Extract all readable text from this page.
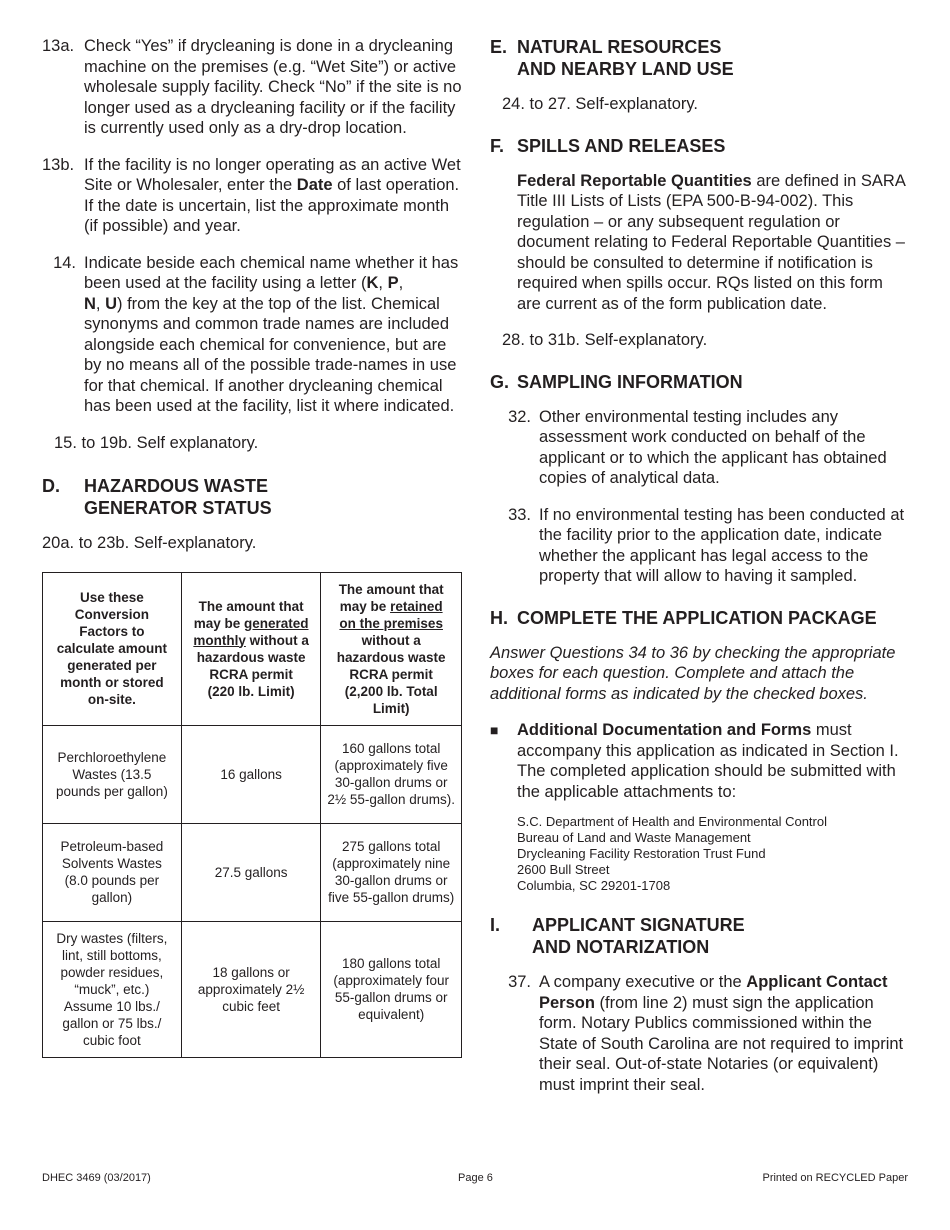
13a. Check “Yes” if drycleaning is done in a drycleaning machine on the premises (e.g. “Wet Site”) or active wholesale supply facility. Check “No” if the site is no longer used as a drycleaning facility or if the facility is currently used only as a dry-drop location.
13b. If the facility is no longer operating as an active Wet Site or Wholesaler, enter the Date of last operation. If the date is uncertain, list the approximate month (if possible) and year.
14. Indicate beside each chemical name whether it has been used at the facility using a letter (K, P,
N, U) from the key at the top of the list. Chemical synonyms and common trade names are included alongside each chemical for convenience, but are by no means all of the possible trade-names in use for that chemical. If another drycleaning chemical has been used at the facility, list it where indicated.
15. to 19b. Self explanatory.
D.	HAZARDOUS WASTE
GENERATOR STATUS
20a. to 23b. Self-explanatory.
Use these Conversion Factors to calculate amount generated per month or stored on-site.	The amount that may be generated
monthly without a hazardous waste RCRA permit
(220 lb. Limit)	The amount that may be retained
on the premises without a hazardous waste RCRA permit
(2,200 lb. Total Limit)
Perchloroethylene Wastes (13.5 pounds per gallon)	16 gallons	160 gallons total (approximately five 30-gallon drums or 2½ 55-gallon drums).
Petroleum-based Solvents Wastes (8.0 pounds per gallon)	27.5 gallons	275 gallons total (approximately nine 30-gallon drums or five 55-gallon drums)
Dry wastes (filters, lint, still bottoms, powder residues, “muck”, etc.) Assume 10 lbs./ gallon or 75 lbs./ cubic foot	18 gallons or approximately 2½ cubic feet	180 gallons total (approximately four 55-gallon drums or equivalent)
E. NATURAL RESOURCES
AND NEARBY LAND USE
24. to 27. Self-explanatory.
F. SPILLS AND RELEASES
Federal Reportable Quantities are defined in SARA Title III Lists of Lists (EPA 500-B-94-002). This regulation – or any subsequent regulation or document relating to Federal Reportable Quantities – should be consulted to determine if notification is required when spills occur. RQs listed on this form are current as of the form publication date.
28. to 31b. Self-explanatory.
G. SAMPLING INFORMATION
32. Other environmental testing includes any assessment work conducted on behalf of the applicant or to which the applicant has obtained copies of analytical data.
33. If no environmental testing has been conducted at the facility prior to the application date, indicate whether the applicant has legal access to the property that will allow to having it sampled.
H. COMPLETE THE APPLICATION PACKAGE
Answer Questions 34 to 36 by checking the appropriate boxes for each question. Complete and attach the additional forms as indicated by the checked boxes.
■	Additional Documentation and Forms must accompany this application as indicated in Section I. The completed application should be submitted with the applicable attachments to:
S.C. Department of Health and Environmental Control
Bureau of Land and Waste Management
Drycleaning Facility Restoration Trust Fund
2600 Bull Street
Columbia, SC 29201-1708
I.	APPLICANT SIGNATURE
AND NOTARIZATION
37. A company executive or the Applicant Contact Person (from line 2) must sign the application form. Notary Publics commissioned within the State of South Carolina are not required to imprint their seal. Out-of-state Notaries (or equivalent) must imprint their seal.
DHEC 3469 (03/2017)	Page 6	Printed on RECYCLED Paper
